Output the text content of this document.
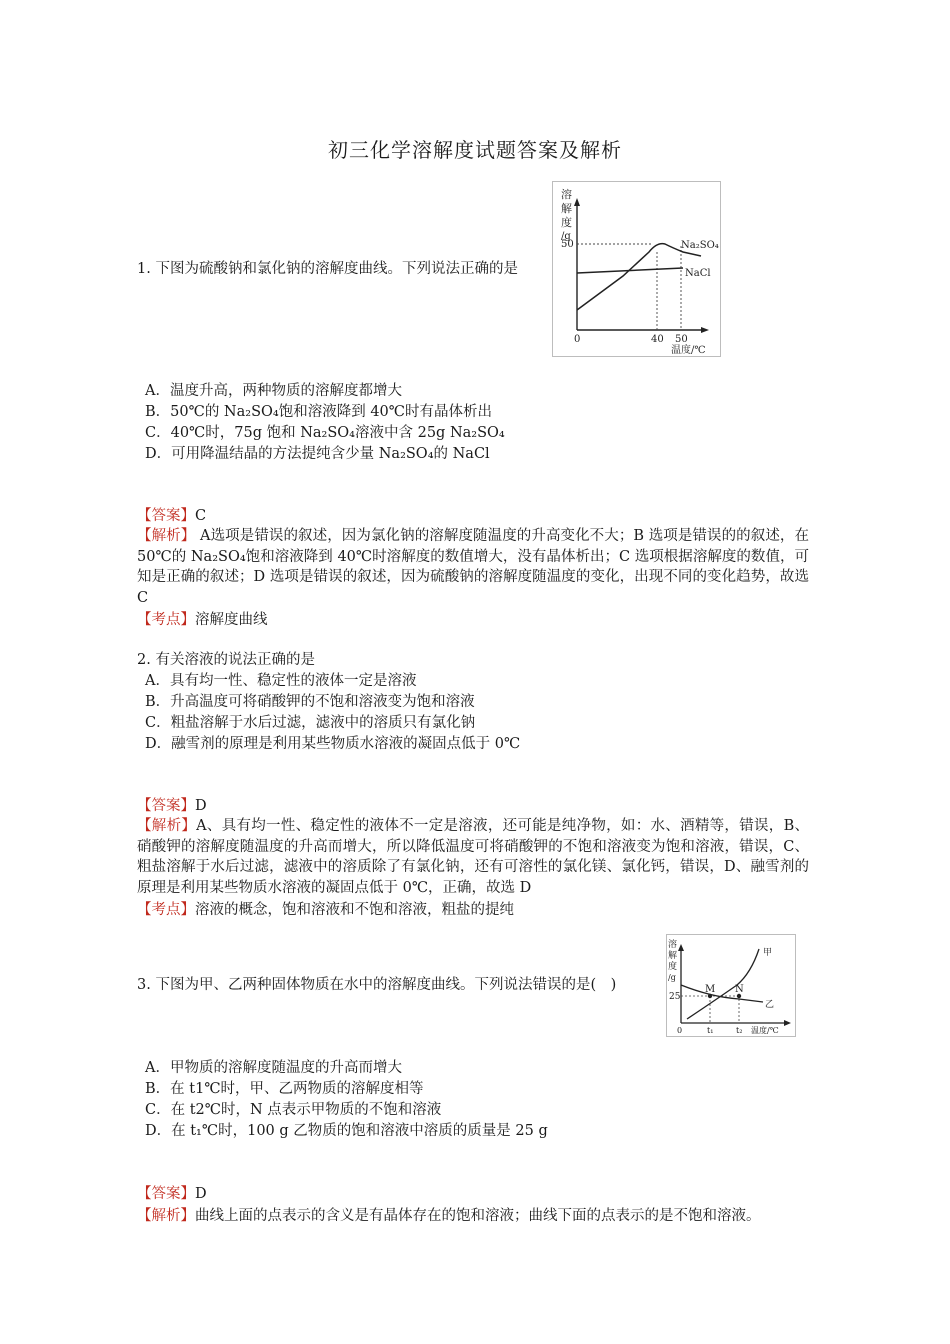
初三化学溶解度试题答案及解析
1. 下图为硫酸钠和氯化钠的溶解度曲线。下列说法正确的是
溶
解
度
/g
50	Na₂SO₄
NaCl
0	40 50
温度/℃
A．温度升高，两种物质的溶解度都增大
B．50℃的 Na₂SO₄饱和溶液降到 40℃时有晶体析出
C．40℃时，75g 饱和 Na₂SO₄溶液中含 25g Na₂SO₄
D．可用降温结晶的方法提纯含少量 Na₂SO₄的 NaCl
【答案】C
【解析】 A选项是错误的叙述，因为氯化钠的溶解度随温度的升高变化不大；B 选项是错误的的叙述，在 50℃的 Na₂SO₄饱和溶液降到 40℃时溶解度的数值增大，没有晶体析出；C 选项根据溶解度的数值，可知是正确的叙述；D 选项是错误的叙述，因为硫酸钠的溶解度随温度的变化，出现不同的变化趋势，故选 C
【考点】溶解度曲线
2. 有关溶液的说法正确的是
A．具有均一性、稳定性的液体一定是溶液
B．升高温度可将硝酸钾的不饱和溶液变为饱和溶液
C．粗盐溶解于水后过滤，滤液中的溶质只有氯化钠
D．融雪剂的原理是利用某些物质水溶液的凝固点低于 0℃
【答案】D
【解析】A、具有均一性、稳定性的液体不一定是溶液，还可能是纯净物，如：水、酒精等，错误，B、硝酸钾的溶解度随温度的升高而增大，所以降低温度可将硝酸钾的不饱和溶液变为饱和溶液，错误，C、粗盐溶解于水后过滤，滤液中的溶质除了有氯化钠，还有可溶性的氯化镁、氯化钙，错误，D、融雪剂的原理是利用某些物质水溶液的凝固点低于 0℃，正确，故选 D
【考点】溶液的概念，饱和溶液和不饱和溶液，粗盐的提纯
3. 下图为甲、乙两种固体物质在水中的溶解度曲线。下列说法错误的是(　)
溶
解
度
/g
25
M N
甲
乙
0	t₁	t₂ 温度/℃
A．甲物质的溶解度随温度的升高而增大
B．在 t1℃时，甲、乙两物质的溶解度相等
C．在 t2℃时，N 点表示甲物质的不饱和溶液
D．在 t₁℃时，100 g 乙物质的饱和溶液中溶质的质量是 25 g
【答案】D
【解析】曲线上面的点表示的含义是有晶体存在的饱和溶液；曲线下面的点表示的是不饱和溶液。
